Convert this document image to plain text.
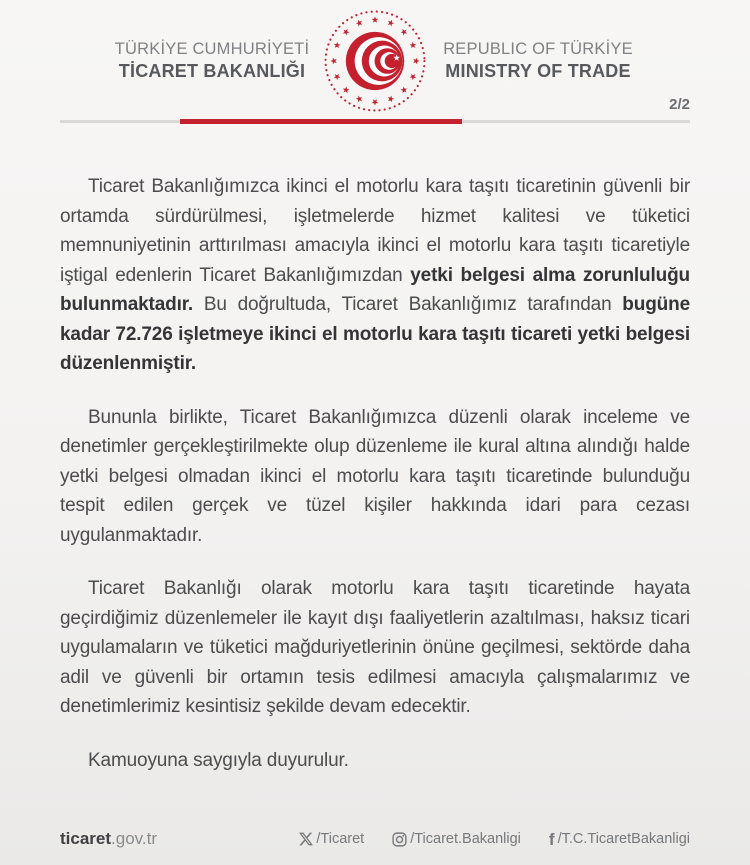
TÜRKİYE CUMHURİYETİ
TİCARET BAKANLIĞI
REPUBLIC OF TÜRKİYE
MINISTRY OF TRADE
2/2

Ticaret Bakanlığımızca ikinci el motorlu kara taşıtı ticaretinin güvenli bir ortamda sürdürülmesi, işletmelerde hizmet kalitesi ve tüketici memnuniyetinin arttırılması amacıyla ikinci el motorlu kara taşıtı ticaretiyle iştigal edenlerin Ticaret Bakanlığımızdan yetki belgesi alma zorunluluğu bulunmaktadır. Bu doğrultuda, Ticaret Bakanlığımız tarafından bugüne kadar 72.726 işletmeye ikinci el motorlu kara taşıtı ticareti yetki belgesi düzenlenmiştir.

Bununla birlikte, Ticaret Bakanlığımızca düzenli olarak inceleme ve denetimler gerçekleştirilmekte olup düzenleme ile kural altına alındığı halde yetki belgesi olmadan ikinci el motorlu kara taşıtı ticaretinde bulunduğu tespit edilen gerçek ve tüzel kişiler hakkında idari para cezası uygulanmaktadır.

Ticaret Bakanlığı olarak motorlu kara taşıtı ticaretinde hayata geçirdiğimiz düzenlemeler ile kayıt dışı faaliyetlerin azaltılması, haksız ticari uygulamaların ve tüketici mağduriyetlerinin önüne geçilmesi, sektörde daha adil ve güvenli bir ortamın tesis edilmesi amacıyla çalışmalarımız ve denetimlerimiz kesintisiz şekilde devam edecektir.

Kamuoyuna saygıyla duyurulur.

ticaret.gov.tr	/Ticaret	/Ticaret.Bakanligi f /T.C.TicaretBakanligi
